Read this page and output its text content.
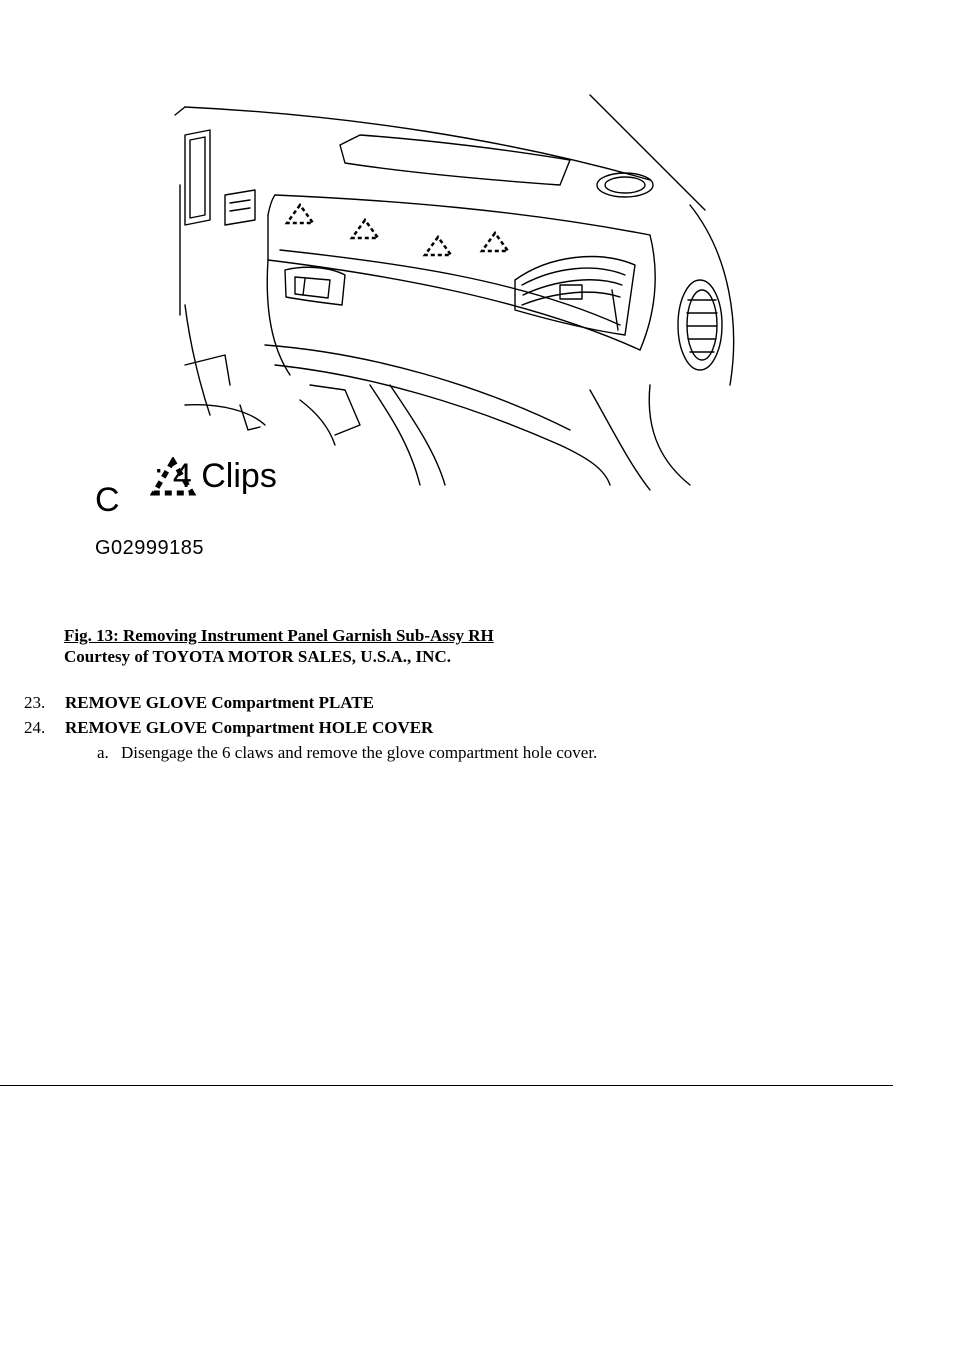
C
: 4 Clips
G02999185
Fig. 13: Removing Instrument Panel Garnish Sub-Assy RH
Courtesy of TOYOTA MOTOR SALES, U.S.A., INC.
23.	REMOVE GLOVE Compartment PLATE
24.	REMOVE GLOVE Compartment HOLE COVER
a. Disengage the 6 claws and remove the glove compartment hole cover.
